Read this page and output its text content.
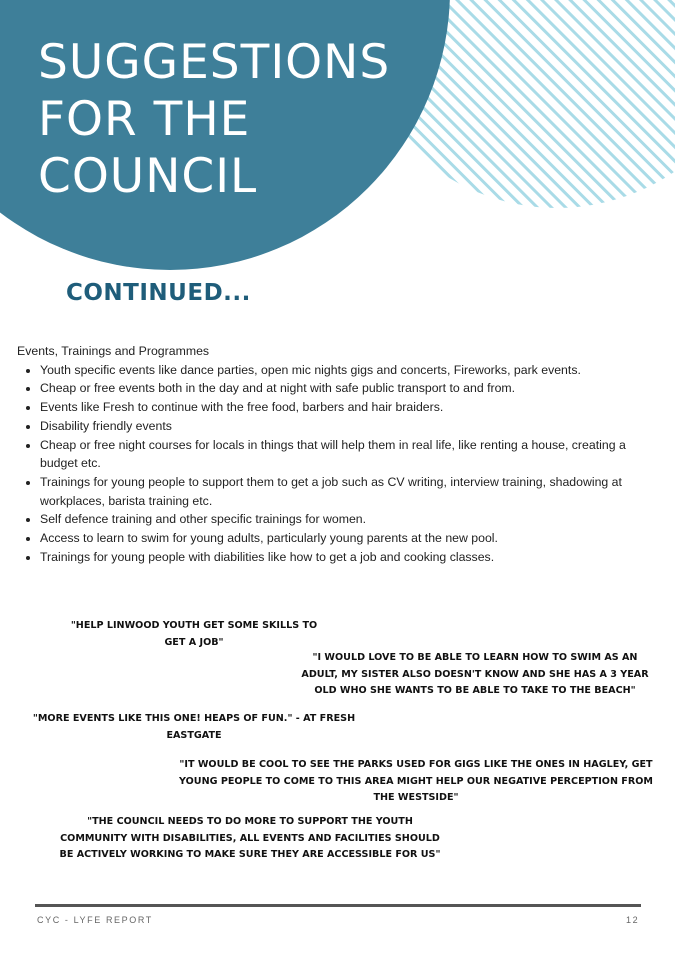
SUGGESTIONS
FOR THE
COUNCIL
CONTINUED...

Events, Trainings and Programmes

• Youth specific events like dance parties, open mic nights gigs and concerts, Fireworks, park events.
• Cheap or free events both in the day and at night with safe public transport to and from.
• Events like Fresh to continue with the free food, barbers and hair braiders.
• Disability friendly events
• Cheap or free night courses for locals in things that will help them in real life, like renting a house, creating a budget etc.
• Trainings for young people to support them to get a job such as CV writing, interview training, shadowing at workplaces, barista training etc.
• Self defence training and other specific trainings for women.
• Access to learn to swim for young adults, particularly young parents at the new pool.
• Trainings for young people with diabilities like how to get a job and cooking classes.

"HELP LINWOOD YOUTH GET SOME SKILLS TO GET A JOB"

"I WOULD LOVE TO BE ABLE TO LEARN HOW TO SWIM AS AN ADULT, MY SISTER ALSO DOESN'T KNOW AND SHE HAS A 3 YEAR OLD WHO SHE WANTS TO BE ABLE TO TAKE TO THE BEACH"

"MORE EVENTS LIKE THIS ONE! HEAPS OF FUN." - AT FRESH EASTGATE

"IT WOULD BE COOL TO SEE THE PARKS USED FOR GIGS LIKE THE ONES IN HAGLEY, GET YOUNG PEOPLE TO COME TO THIS AREA MIGHT HELP OUR NEGATIVE PERCEPTION FROM THE WESTSIDE"

"THE COUNCIL NEEDS TO DO MORE TO SUPPORT THE YOUTH COMMUNITY WITH DISABILITIES, ALL EVENTS AND FACILITIES SHOULD BE ACTIVELY WORKING TO MAKE SURE THEY ARE ACCESSIBLE FOR US"

CYC - LYFE REPORT	12
